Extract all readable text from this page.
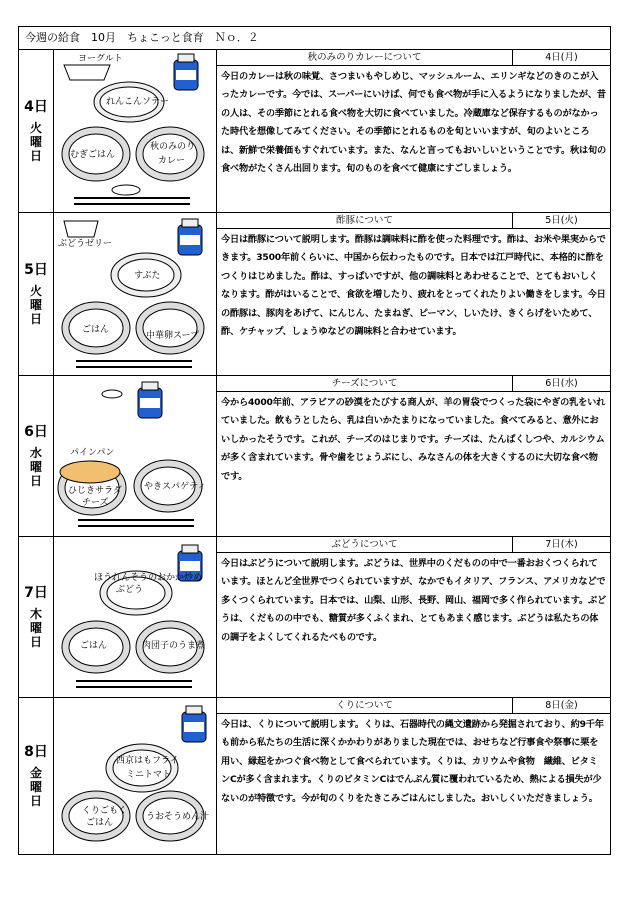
今週の給食　10月　ちょこっと食育　Ｎｏ．２
4日
火曜日
ヨーグルト
れんこんソテー
むぎごはん
秋のみのり
カレー
秋のみのりカレーについて	4日(月)
今日のカレーは秋の味覚、さつまいもやしめじ、マッシュルーム、エリンギなどのきのこが入ったカレーです。今では、スーパーにいけば、何でも食べ物が手に入るようになりましたが、昔の人は、その季節にとれる食べ物を大切に食べていました。冷蔵庫など保存するものがなかった時代を想像してみてください。その季節にとれるものを旬といいますが、旬のよいところは、新鮮で栄養価もすぐれています。また、なんと言ってもおいしいということです。秋は旬の食べ物がたくさん出回ります。旬のものを食べて健康にすごしましょう。
5日
火曜日
ぶどうゼリー
すぶた
ごはん
中華卵スープ
酢豚について	5日(火)
今日は酢豚について説明します。酢豚は調味料に酢を使った料理です。酢は、お米や果実からできます。3500年前くらいに、中国から伝わったものです。日本では江戸時代に、本格的に酢をつくりはじめました。酢は、すっぱいですが、他の調味料とあわせることで、とてもおいしくなります。酢がはいることで、食欲を増したり、疲れをとってくれたりよい働きをします。今日の酢豚は、豚肉をあげて、にんじん、たまねぎ、ピーマン、しいたけ、きくらげをいためて、酢、ケチャップ、しょうゆなどの調味料と合わせています。
6日
水曜日
パインパン
ひじきサラダ
チーズ
やきスパゲティ
チーズについて	6日(水)
今から4000年前、アラビアの砂漠をたびする商人が、羊の胃袋でつくった袋にやぎの乳をいれていました。飲もうとしたら、乳は白いかたまりになっていました。食べてみると、意外においしかったそうです。これが、チーズのはじまりです。チーズは、たんぱくしつや、カルシウムが多く含まれています。骨や歯をじょうぶにし、みなさんの体を大きくするのに大切な食べ物です。
7日
木曜日
ほうれんそうのおかか炒め
ぶどう
ごはん	肉団子のうま煮
ぶどうについて	7日(木)
今日はぶどうについて説明します。ぶどうは、世界中のくだものの中で一番おおくつくられています。ほとんど全世界でつくられていますが、なかでもイタリア、フランス、アメリカなどで多くつくられています。日本では、山梨、山形、長野、岡山、福岡で多く作られています。ぶどうは、くだものの中でも、糖質が多くふくまれ、とてもあまく感じます。ぶどうは私たちの体の調子をよくしてくれるたべものです。
8日
金曜日
西京はもフライ
ミニトマト
くりごもく
ごはん
うおそうめん汁
くりについて	8日(金)
今日は、くりについて説明します。くりは、石器時代の縄文遺跡から発掘されており、約9千年も前から私たちの生活に深くかかわりがありました現在では、おせちなど行事食や祭事に栗を用い、縁起をかつぐ食べ物として食べられています。くりは、カリウムや食物　繊維、ビタミンCが多く含まれます。くりのビタミンCはでんぷん質に覆われているため、熱による損失が少ないのが特徴です。今が旬のくりをたきこみごはんにしました。おいしくいただきましょう。
